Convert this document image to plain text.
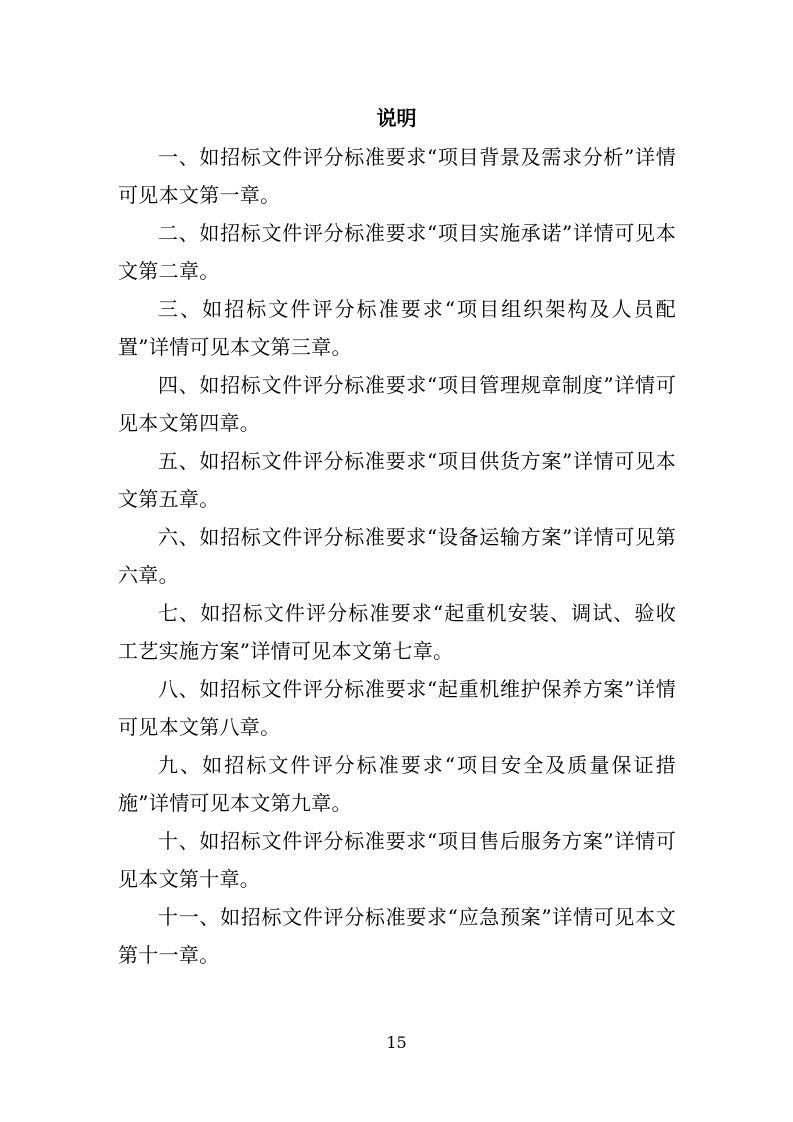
说明

一、如招标文件评分标准要求“项目背景及需求分析”详情可见本文第一章。

二、如招标文件评分标准要求“项目实施承诺”详情可见本文第二章。

三、如招标文件评分标准要求“项目组织架构及人员配置”详情可见本文第三章。

四、如招标文件评分标准要求“项目管理规章制度”详情可见本文第四章。

五、如招标文件评分标准要求“项目供货方案”详情可见本文第五章。

六、如招标文件评分标准要求“设备运输方案”详情可见第六章。

七、如招标文件评分标准要求“起重机安装、调试、验收工艺实施方案”详情可见本文第七章。

八、如招标文件评分标准要求“起重机维护保养方案”详情可见本文第八章。

九、如招标文件评分标准要求“项目安全及质量保证措施”详情可见本文第九章。

十、如招标文件评分标准要求“项目售后服务方案”详情可见本文第十章。

十一、如招标文件评分标准要求“应急预案”详情可见本文第十一章。

15
